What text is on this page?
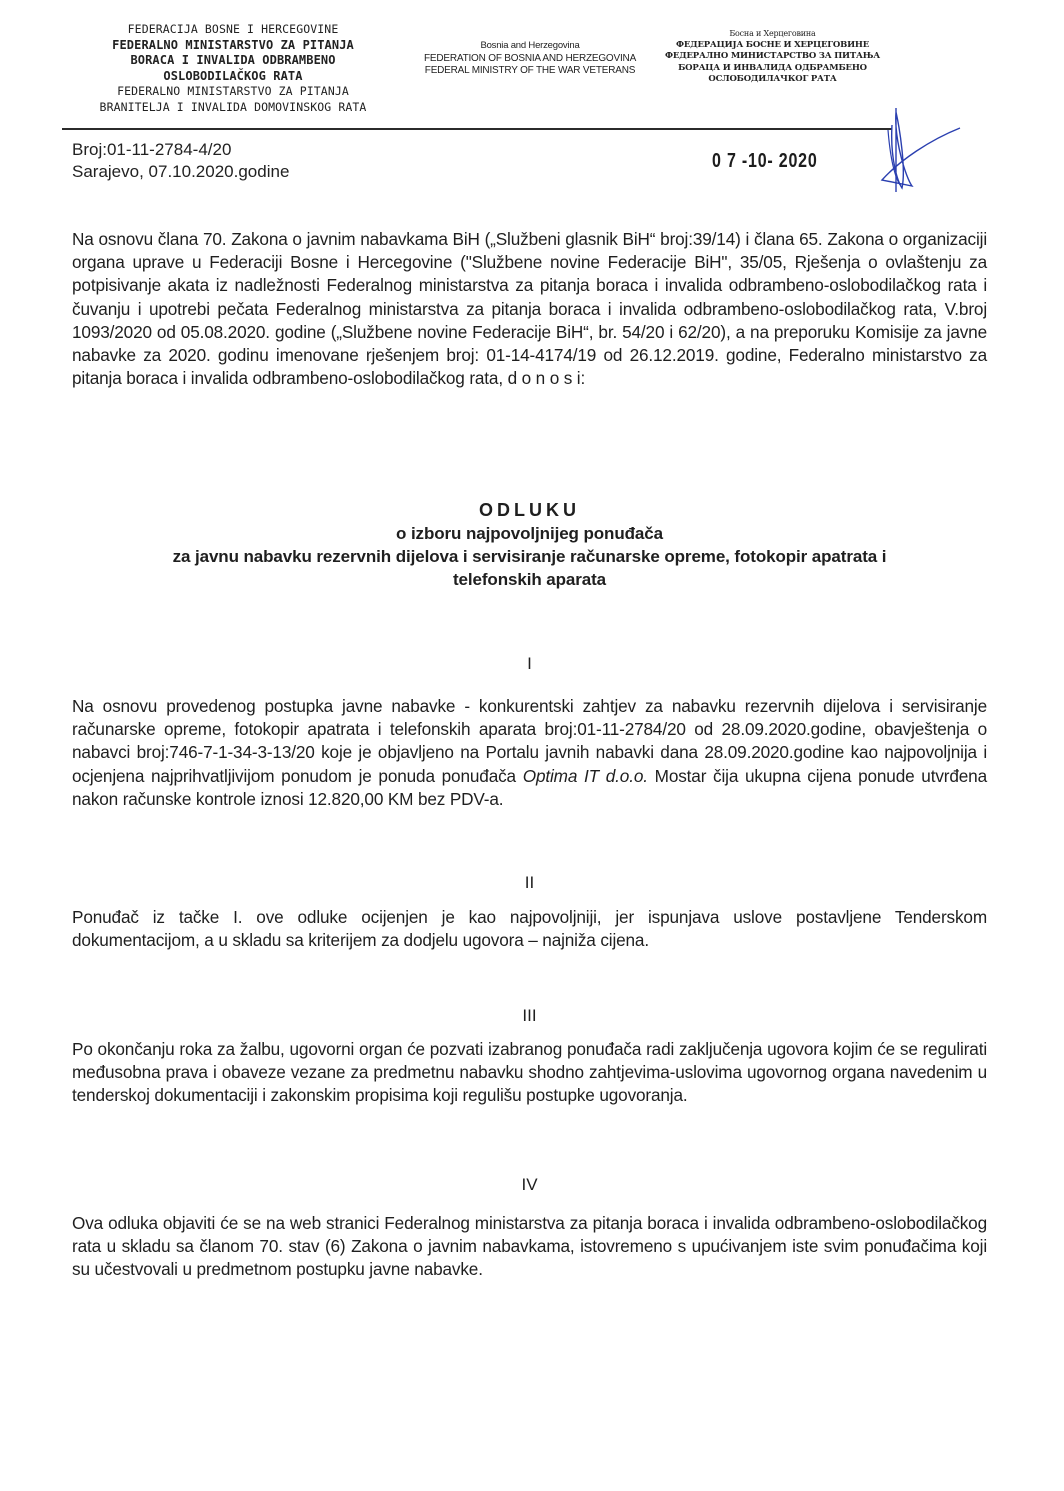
FEDERACIJA BOSNE I HERCEGOVINE
FEDERALNO MINISTARSTVO ZA PITANJA
BORACA I INVALIDA ODBRAMBENO
OSLOBODILAČKOG RATA
FEDERALNO MINISTARSTVO ZA PITANJA
BRANITELJA I INVALIDA DOMOVINSKOG RATA
Bosnia and Herzegovina
FEDERATION OF BOSNIA AND HERZEGOVINA
FEDERAL MINISTRY OF THE WAR VETERANS
Босна и Херцеговина
ФЕДЕРАЦИЈА БОСНЕ И ХЕРЦЕГОВИНЕ
ФЕДЕРАЛНО МИНИСТАРСТВО ЗА ПИТАЊА
БОРАЦА И ИНВАЛИДА ОДБРАМБЕНО
ОСЛОБОДИЛАЧКОГ РАТА
Broj:01-11-2784-4/20
Sarajevo, 07.10.2020.godine	0 7 -10- 2020
Na osnovu člana 70. Zakona o javnim nabavkama BiH („Službeni glasnik BiH“ broj:39/14) i člana 65. Zakona o organizaciji organa uprave u Federaciji Bosne i Hercegovine ("Službene novine Federacije BiH", 35/05, Rješenja o ovlaštenju za potpisivanje akata iz nadležnosti Federalnog ministarstva za pitanja boraca i invalida odbrambeno-oslobodilačkog rata i čuvanju i upotrebi pečata Federalnog ministarstva za pitanja boraca i invalida odbrambeno-oslobodilačkog rata, V.broj 1093/2020 od 05.08.2020. godine („Službene novine Federacije BiH“, br. 54/20 i 62/20), a na preporuku Komisije za javne nabavke za 2020. godinu imenovane rješenjem broj: 01-14-4174/19 od 26.12.2019. godine, Federalno ministarstvo za pitanja boraca i invalida odbrambeno-oslobodilačkog rata, d o n o s i:
ODLUKU
o izboru najpovoljnijeg ponuđača
za javnu nabavku rezervnih dijelova i servisiranje računarske opreme, fotokopir apatrata i
telefonskih aparata
I
Na osnovu provedenog postupka javne nabavke - konkurentski zahtjev za nabavku rezervnih dijelova i servisiranje računarske opreme, fotokopir apatrata i telefonskih aparata broj:01-11-2784/20 od 28.09.2020.godine, obavještenja o nabavci broj:746-7-1-34-3-13/20 koje je objavljeno na Portalu javnih nabavki dana 28.09.2020.godine kao najpovoljnija i ocjenjena najprihvatljivijom ponudom je ponuda ponuđača Optima IT d.o.o. Mostar čija ukupna cijena ponude utvrđena nakon računske kontrole iznosi 12.820,00 KM bez PDV-a.
II
Ponuđač iz tačke I. ove odluke ocijenjen je kao najpovoljniji, jer ispunjava uslove postavljene Tenderskom dokumentacijom, a u skladu sa kriterijem za dodjelu ugovora – najniža cijena.
III
Po okončanju roka za žalbu, ugovorni organ će pozvati izabranog ponuđača radi zaključenja ugovora kojim će se regulirati međusobna prava i obaveze vezane za predmetnu nabavku shodno zahtjevima-uslovima ugovornog organa navedenim u tenderskoj dokumentaciji i zakonskim propisima koji regulišu postupke ugovoranja.
IV
Ova odluka objaviti će se na web stranici Federalnog ministarstva za pitanja boraca i invalida odbrambeno-oslobodilačkog rata u skladu sa članom 70. stav (6) Zakona o javnim nabavkama, istovremeno s upućivanjem iste svim ponuđačima koji su učestvovali u predmetnom postupku javne nabavke.
